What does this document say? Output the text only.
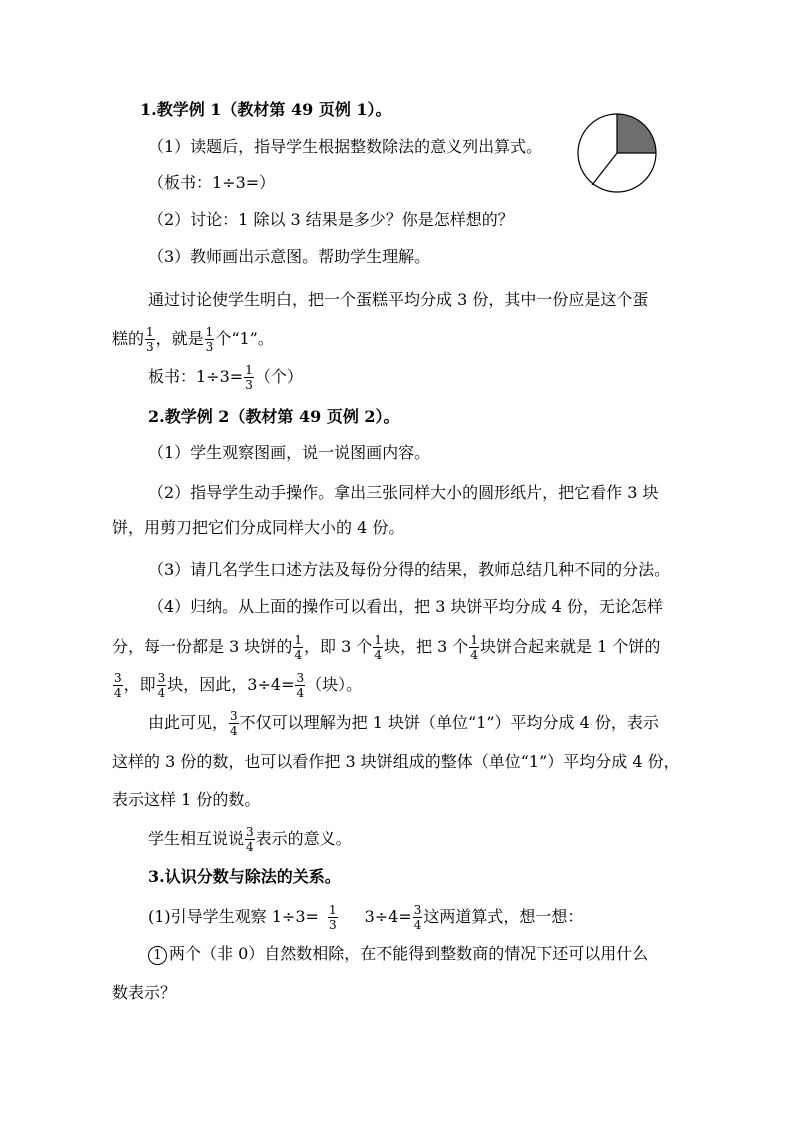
1.教学例 1（教材第 49 页例 1）。
（1）读题后，指导学生根据整数除法的意义列出算式。
（板书：1÷3=）
（2）讨论：1 除以 3 结果是多少？你是怎样想的？
（3）教师画出示意图。帮助学生理解。
通过讨论使学生明白，把一个蛋糕平均分成 3 份，其中一份应是这个蛋
糕的 $\frac{1}{3}$ ，就是 $\frac{1}{3}$ 个“1”。
板书：$1\div 3= \frac{1}{3}$ （个）
2.教学例 2（教材第 49 页例 2）。
（1）学生观察图画，说一说图画内容。
（2）指导学生动手操作。拿出三张同样大小的圆形纸片，把它看作 3 块
饼，用剪刀把它们分成同样大小的 4 份。
（3）请几名学生口述方法及每份分得的结果，教师总结几种不同的分法。
（4）归纳。从上面的操作可以看出，把 3 块饼平均分成 4 份，无论怎样
分，每一份都是 3 块饼的 $\frac{1}{4}$ ，即 3 个 $\frac{1}{4}$ 块，把 3 个 $\frac{1}{4}$ 块饼合起来就是 1 个饼的
$\frac{3}{4}$ ，即 $\frac{3}{4}$ 块，因此，$3\div 4= \frac{3}{4}$ （块）。
由此可见， $\frac{3}{4}$ 不仅可以理解为把 1 块饼（单位“1”）平均分成 4 份，表示
这样的 3 份的数，也可以看作把 3 块饼组成的整体（单位“1”）平均分成 4 份，
表示这样 1 份的数。
学生相互说说 $\frac{3}{4}$ 表示的意义。
3.认识分数与除法的关系。
(1)引导学生观察 $1\div 3= \frac{1}{3} 3\div 4= \frac{3}{4}$ 这两道算式，想一想：
1 两个（非 0）自然数相除，在不能得到整数商的情况下还可以用什么
数表示？
